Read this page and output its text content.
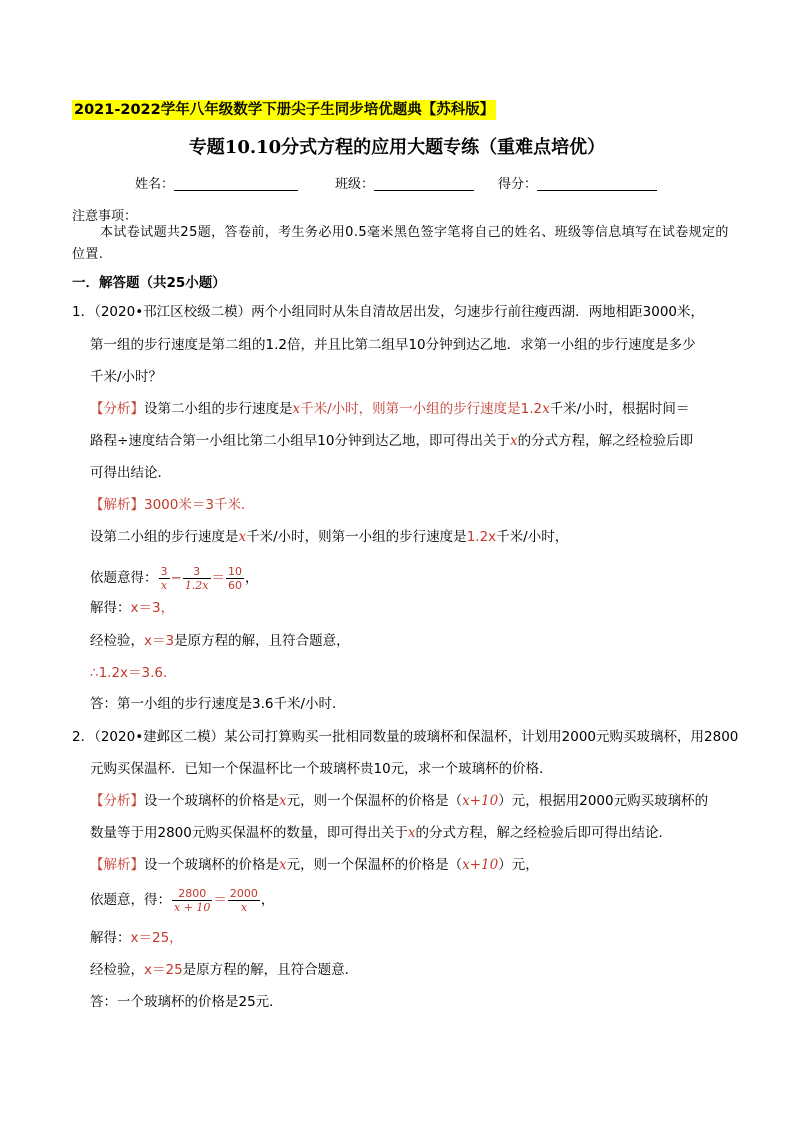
2021-2022学年八年级数学下册尖子生同步培优题典【苏科版】
专题10.10分式方程的应用大题专练（重难点培优）
姓名：	班级：	得分：
注意事项：
本试卷试题共25题，答卷前，考生务必用0.5毫米黑色签字笔将自己的姓名、班级等信息填写在试卷规定的位置.
一．解答题（共25小题）
1．（2020•邗江区校级二模）两个小组同时从朱自清故居出发，匀速步行前往瘦西湖．两地相距3000米，
第一组的步行速度是第二组的1.2倍，并且比第二组早10分钟到达乙地．求第一小组的步行速度是多少
千米/小时？
【分析】设第二小组的步行速度是x千米/小时，则第一小组的步行速度是1.2x千米/小时，根据时间＝
路程÷速度结合第一小组比第二小组早10分钟到达乙地，即可得出关于x的分式方程，解之经检验后即
可得出结论．
【解析】3000米＝3千米．
设第二小组的步行速度是x千米/小时，则第一小组的步行速度是1.2x千米/小时，
依题意得： $\frac{3}{x} - \frac{3}{1.2x} = \frac{10}{60}$ ，
解得：x＝3，
经检验，x＝3是原方程的解，且符合题意，
∴1.2x＝3.6．
答：第一小组的步行速度是3.6千米/小时．
2．（2020•建邺区二模）某公司打算购买一批相同数量的玻璃杯和保温杯，计划用2000元购买玻璃杯，用2800
元购买保温杯．已知一个保温杯比一个玻璃杯贵10元，求一个玻璃杯的价格．
【分析】设一个玻璃杯的价格是x元，则一个保温杯的价格是（x+10）元，根据用2000元购买玻璃杯的
数量等于用2800元购买保温杯的数量，即可得出关于x的分式方程，解之经检验后即可得出结论．
【解析】设一个玻璃杯的价格是x元，则一个保温杯的价格是（x+10）元，
依题意，得： $\frac{2800}{x + 10} = \frac{2000}{x}$ ，
解得：x＝25，
经检验，x＝25是原方程的解，且符合题意．
答：一个玻璃杯的价格是25元．
